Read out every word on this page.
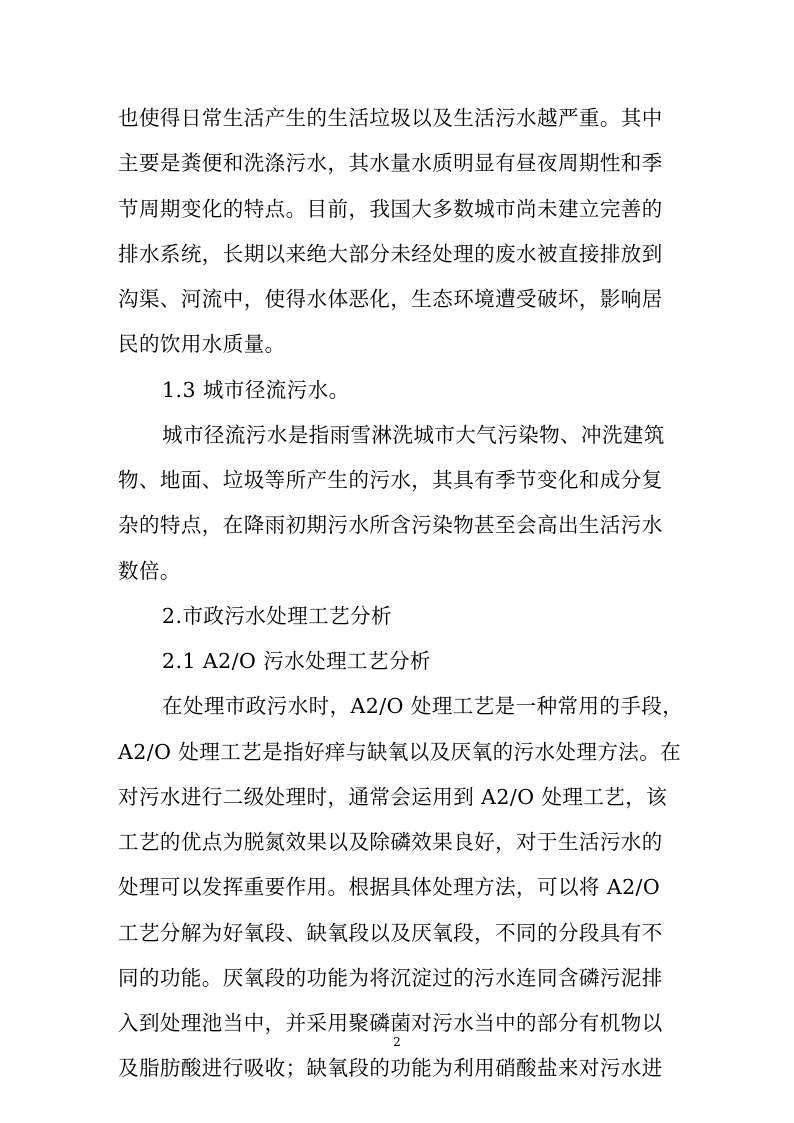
也使得日常生活产生的生活垃圾以及生活污水越严重。其中
主要是粪便和洗涤污水，其水量水质明显有昼夜周期性和季
节周期变化的特点。目前，我国大多数城市尚未建立完善的
排水系统，长期以来绝大部分未经处理的废水被直接排放到
沟渠、河流中，使得水体恶化，生态环境遭受破坏，影响居
民的饮用水质量。
1.3 城市径流污水。
城市径流污水是指雨雪淋洗城市大气污染物、冲洗建筑
物、地面、垃圾等所产生的污水，其具有季节变化和成分复
杂的特点，在降雨初期污水所含污染物甚至会高出生活污水
数倍。
2.市政污水处理工艺分析
2.1 A2/O 污水处理工艺分析
在处理市政污水时，A2/O 处理工艺是一种常用的手段，
A2/O 处理工艺是指好痒与缺氧以及厌氧的污水处理方法。在
对污水进行二级处理时，通常会运用到 A2/O 处理工艺，该
工艺的优点为脱氮效果以及除磷效果良好，对于生活污水的
处理可以发挥重要作用。根据具体处理方法，可以将 A2/O
工艺分解为好氧段、缺氧段以及厌氧段，不同的分段具有不
同的功能。厌氧段的功能为将沉淀过的污水连同含磷污泥排
入到处理池当中，并采用聚磷菌对污水当中的部分有机物以
及脂肪酸进行吸收；缺氧段的功能为利用硝酸盐来对污水进
2
